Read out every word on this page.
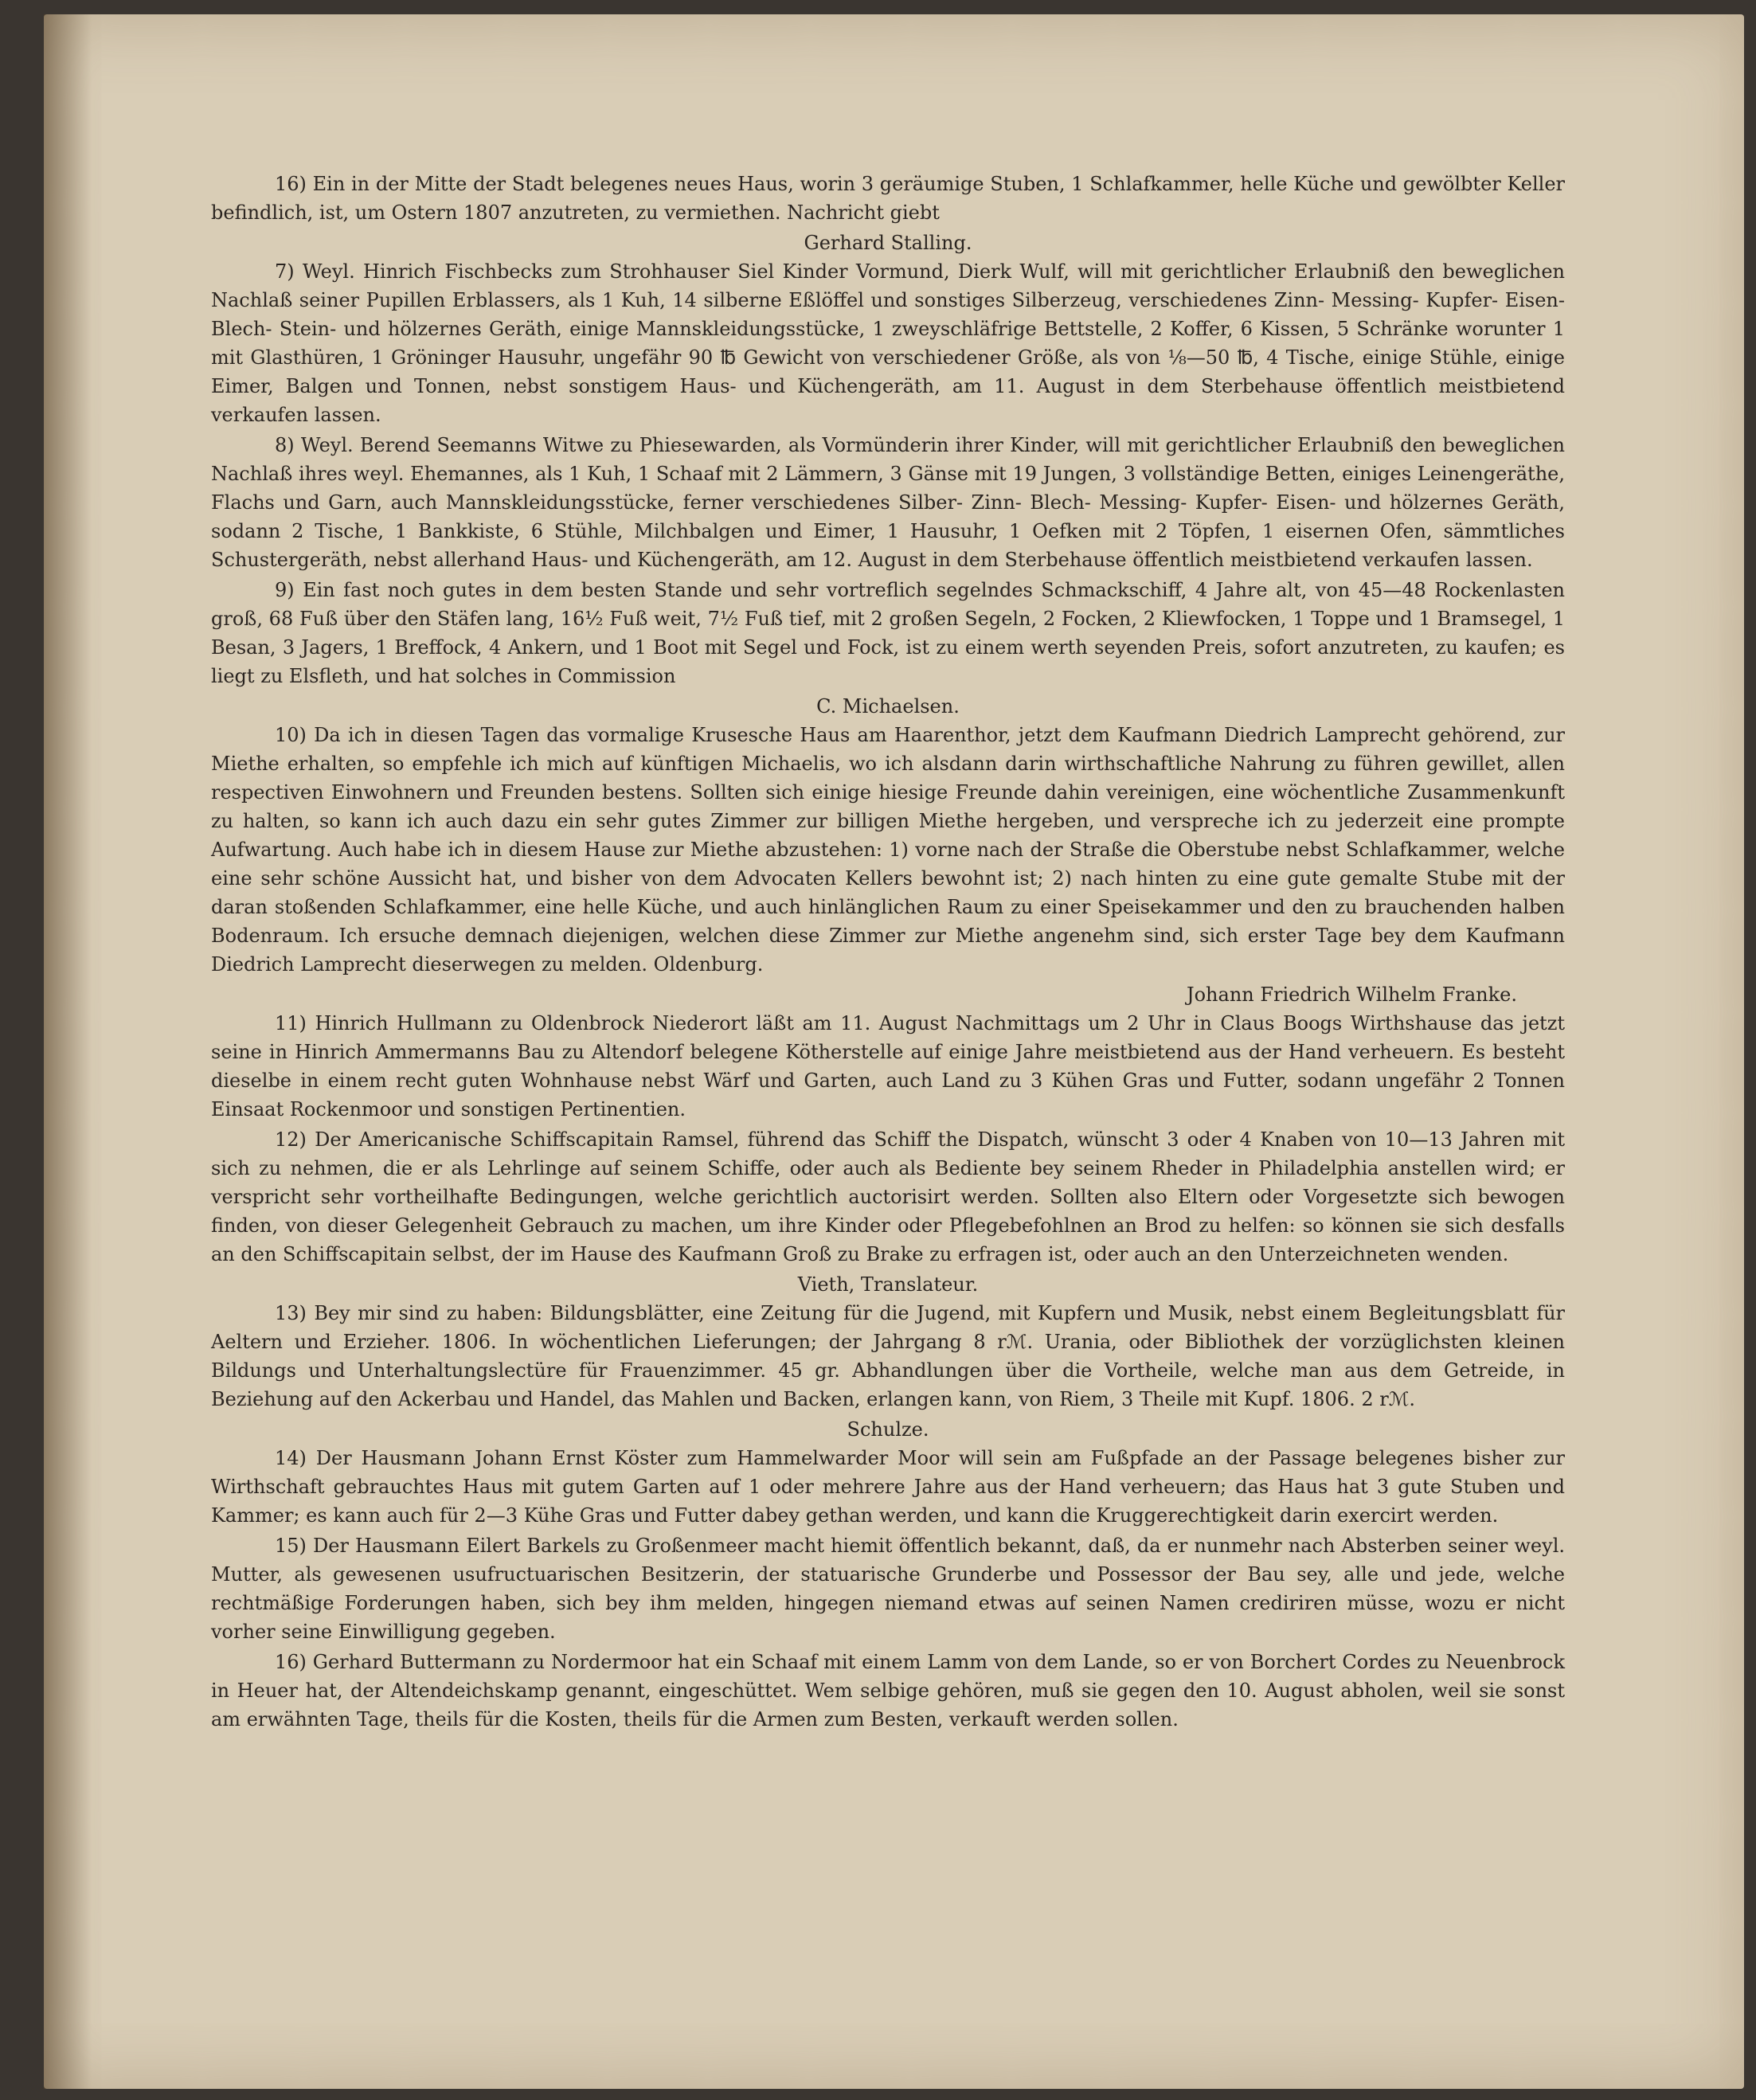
16) Ein in der Mitte der Stadt belegenes neues Haus, worin 3 geräumige Stuben, 1 Schlafkammer, helle Küche und gewölbter Keller befindlich, ist, um Ostern 1807 anzutreten, zu vermiethen. Nachricht giebt

Gerhard Stalling.

7) Weyl. Hinrich Fischbecks zum Strohhauser Siel Kinder Vormund, Dierk Wulf, will mit gerichtlicher Erlaubniß den beweglichen Nachlaß seiner Pupillen Erblassers, als 1 Kuh, 14 silberne Eßlöffel und sonstiges Silberzeug, verschiedenes Zinn- Messing- Kupfer- Eisen- Blech- Stein- und hölzernes Geräth, einige Mannskleidungsstücke, 1 zweyschläfrige Bettstelle, 2 Koffer, 6 Kissen, 5 Schränke worunter 1 mit Glasthüren, 1 Gröninger Hausuhr, ungefähr 90 ℔ Gewicht von verschiedener Größe, als von ⅛—50 ℔, 4 Tische, einige Stühle, einige Eimer, Balgen und Tonnen, nebst sonstigem Haus- und Küchengeräth, am 11. August in dem Sterbehause öffentlich meistbietend verkaufen lassen.

8) Weyl. Berend Seemanns Witwe zu Phiesewarden, als Vormünderin ihrer Kinder, will mit gerichtlicher Erlaubniß den beweglichen Nachlaß ihres weyl. Ehemannes, als 1 Kuh, 1 Schaaf mit 2 Lämmern, 3 Gänse mit 19 Jungen, 3 vollständige Betten, einiges Leinengeräthe, Flachs und Garn, auch Mannskleidungsstücke, ferner verschiedenes Silber- Zinn- Blech- Messing- Kupfer- Eisen- und hölzernes Geräth, sodann 2 Tische, 1 Bankkiste, 6 Stühle, Milchbalgen und Eimer, 1 Hausuhr, 1 Oefken mit 2 Töpfen, 1 eisernen Ofen, sämmtliches Schustergeräth, nebst allerhand Haus- und Küchengeräth, am 12. August in dem Sterbehause öffentlich meistbietend verkaufen lassen.

9) Ein fast noch gutes in dem besten Stande und sehr vortreflich segelndes Schmackschiff, 4 Jahre alt, von 45—48 Rockenlasten groß, 68 Fuß über den Stäfen lang, 16½ Fuß weit, 7½ Fuß tief, mit 2 großen Segeln, 2 Focken, 2 Kliewfocken, 1 Toppe und 1 Bramsegel, 1 Besan, 3 Jagers, 1 Breffock, 4 Ankern, und 1 Boot mit Segel und Fock, ist zu einem werth seyenden Preis, sofort anzutreten, zu kaufen; es liegt zu Elsfleth, und hat solches in Commission

C. Michaelsen.

10) Da ich in diesen Tagen das vormalige Krusesche Haus am Haarenthor, jetzt dem Kaufmann Diedrich Lamprecht gehörend, zur Miethe erhalten, so empfehle ich mich auf künftigen Michaelis, wo ich alsdann darin wirthschaftliche Nahrung zu führen gewillet, allen respectiven Einwohnern und Freunden bestens. Sollten sich einige hiesige Freunde dahin vereinigen, eine wöchentliche Zusammenkunft zu halten, so kann ich auch dazu ein sehr gutes Zimmer zur billigen Miethe hergeben, und verspreche ich zu jederzeit eine prompte Aufwartung. Auch habe ich in diesem Hause zur Miethe abzustehen: 1) vorne nach der Straße die Oberstube nebst Schlafkammer, welche eine sehr schöne Aussicht hat, und bisher von dem Advocaten Kellers bewohnt ist; 2) nach hinten zu eine gute gemalte Stube mit der daran stoßenden Schlafkammer, eine helle Küche, und auch hinlänglichen Raum zu einer Speisekammer und den zu brauchenden halben Bodenraum. Ich ersuche demnach diejenigen, welchen diese Zimmer zur Miethe angenehm sind, sich erster Tage bey dem Kaufmann Diedrich Lamprecht dieserwegen zu melden. Oldenburg.

Johann Friedrich Wilhelm Franke.

11) Hinrich Hullmann zu Oldenbrock Niederort läßt am 11. August Nachmittags um 2 Uhr in Claus Boogs Wirthshause das jetzt seine in Hinrich Ammermanns Bau zu Altendorf belegene Kötherstelle auf einige Jahre meistbietend aus der Hand verheuern. Es besteht dieselbe in einem recht guten Wohnhause nebst Wärf und Garten, auch Land zu 3 Kühen Gras und Futter, sodann ungefähr 2 Tonnen Einsaat Rockenmoor und sonstigen Pertinentien.

12) Der Americanische Schiffscapitain Ramsel, führend das Schiff the Dispatch, wünscht 3 oder 4 Knaben von 10—13 Jahren mit sich zu nehmen, die er als Lehrlinge auf seinem Schiffe, oder auch als Bediente bey seinem Rheder in Philadelphia anstellen wird; er verspricht sehr vortheilhafte Bedingungen, welche gerichtlich auctorisirt werden. Sollten also Eltern oder Vorgesetzte sich bewogen finden, von dieser Gelegenheit Gebrauch zu machen, um ihre Kinder oder Pflegebefohlnen an Brod zu helfen: so können sie sich desfalls an den Schiffscapitain selbst, der im Hause des Kaufmann Groß zu Brake zu erfragen ist, oder auch an den Unterzeichneten wenden.

Vieth, Translateur.

13) Bey mir sind zu haben: Bildungsblätter, eine Zeitung für die Jugend, mit Kupfern und Musik, nebst einem Begleitungsblatt für Aeltern und Erzieher. 1806. In wöchentlichen Lieferungen; der Jahrgang 8 rℳ. Urania, oder Bibliothek der vorzüglichsten kleinen Bildungs und Unterhaltungslectüre für Frauenzimmer. 45 gr. Abhandlungen über die Vortheile, welche man aus dem Getreide, in Beziehung auf den Ackerbau und Handel, das Mahlen und Backen, erlangen kann, von Riem, 3 Theile mit Kupf. 1806. 2 rℳ.

Schulze.

14) Der Hausmann Johann Ernst Köster zum Hammelwarder Moor will sein am Fußpfade an der Passage belegenes bisher zur Wirthschaft gebrauchtes Haus mit gutem Garten auf 1 oder mehrere Jahre aus der Hand verheuern; das Haus hat 3 gute Stuben und Kammer; es kann auch für 2—3 Kühe Gras und Futter dabey gethan werden, und kann die Kruggerechtigkeit darin exercirt werden.

15) Der Hausmann Eilert Barkels zu Großenmeer macht hiemit öffentlich bekannt, daß, da er nunmehr nach Absterben seiner weyl. Mutter, als gewesenen usufructuarischen Besitzerin, der statuarische Grunderbe und Possessor der Bau sey, alle und jede, welche rechtmäßige Forderungen haben, sich bey ihm melden, hingegen niemand etwas auf seinen Namen crediriren müsse, wozu er nicht vorher seine Einwilligung gegeben.

16) Gerhard Buttermann zu Nordermoor hat ein Schaaf mit einem Lamm von dem Lande, so er von Borchert Cordes zu Neuenbrock in Heuer hat, der Altendeichskamp genannt, eingeschüttet. Wem selbige gehören, muß sie gegen den 10. August abholen, weil sie sonst am erwähnten Tage, theils für die Kosten, theils für die Armen zum Besten, verkauft werden sollen.
